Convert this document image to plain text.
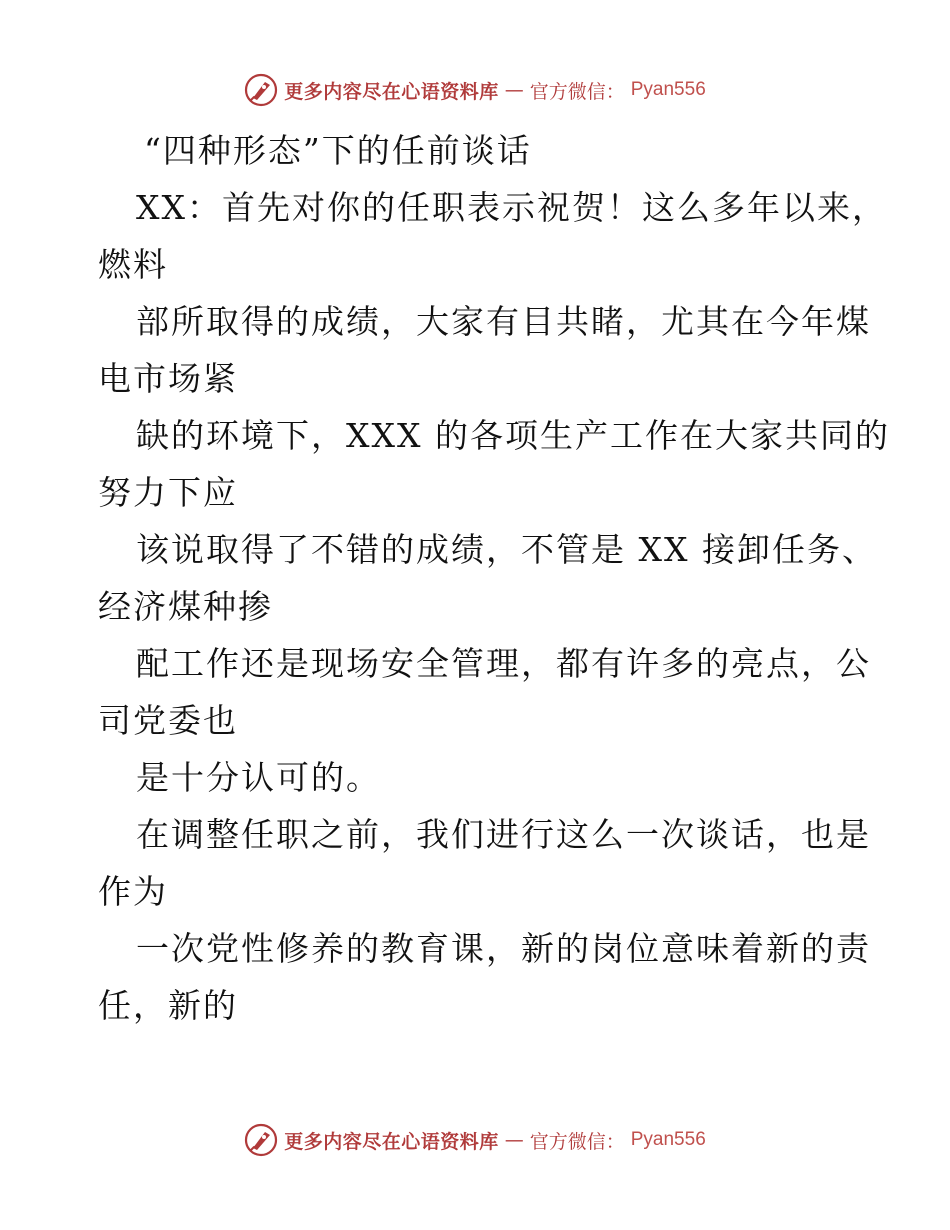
更多内容尽在心语资料库 — 官方微信： Pyan556
“四种形态”下的任前谈话
XX：首先对你的任职表示祝贺！这么多年以来，
燃料
部所取得的成绩，大家有目共睹，尤其在今年煤
电市场紧
缺的环境下，XXX 的各项生产工作在大家共同的
努力下应
该说取得了不错的成绩，不管是 XX 接卸任务、
经济煤种掺
配工作还是现场安全管理，都有许多的亮点，公
司党委也
是十分认可的。
在调整任职之前，我们进行这么一次谈话，也是
作为
一次党性修养的教育课，新的岗位意味着新的责
任，新的
更多内容尽在心语资料库 — 官方微信： Pyan556
